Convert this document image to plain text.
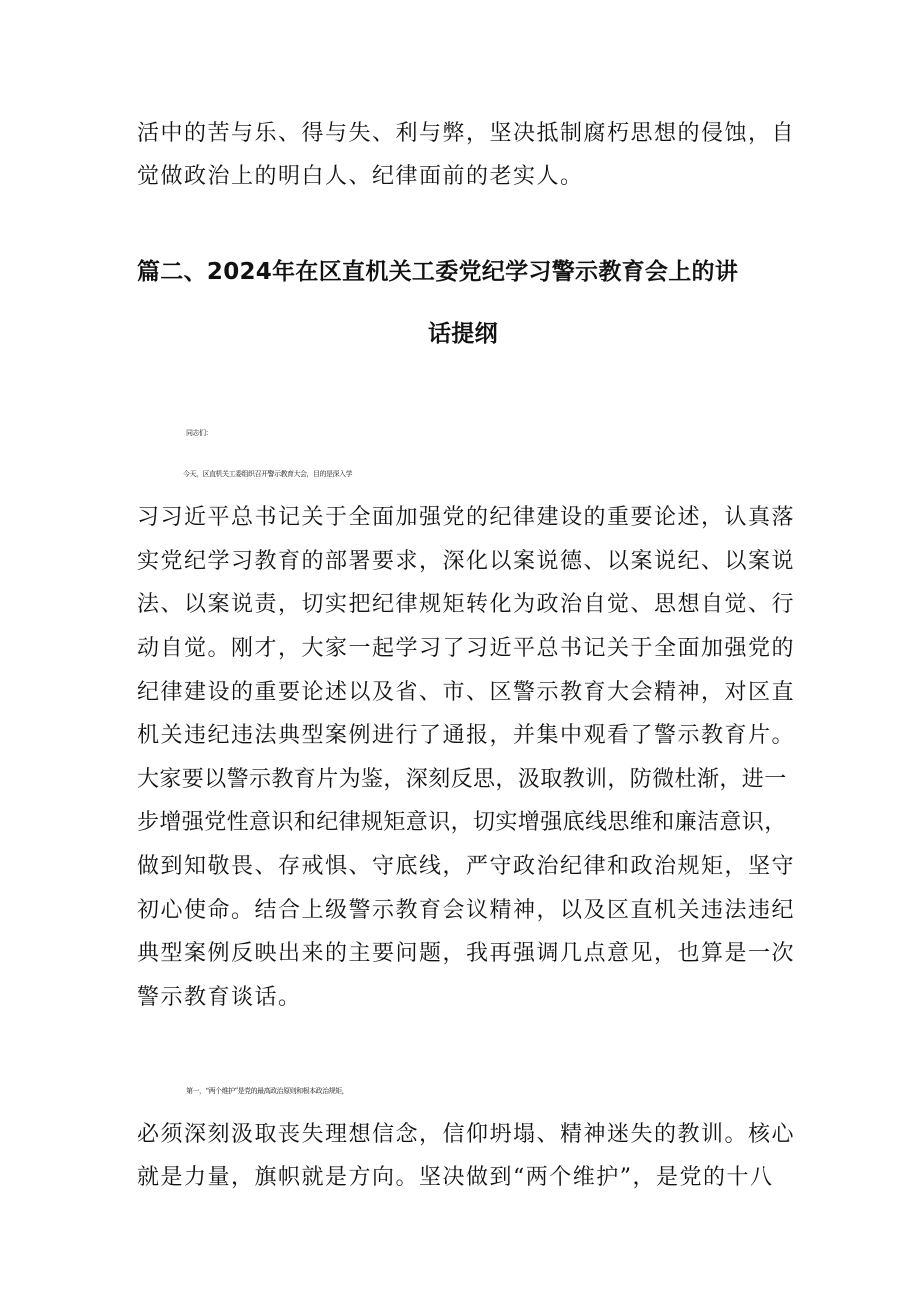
活中的苦与乐、得与失、利与弊，坚决抵制腐朽思想的侵蚀，自
觉做政治上的明白人、纪律面前的老实人。
篇二、2024年在区直机关工委党纪学习警示教育会上的讲
话提纲
同志们：
今天，区直机关工委组织召开警示教育大会，目的是深入学
习习近平总书记关于全面加强党的纪律建设的重要论述，认真落
实党纪学习教育的部署要求，深化以案说德、以案说纪、以案说
法、以案说责，切实把纪律规矩转化为政治自觉、思想自觉、行
动自觉。刚才，大家一起学习了习近平总书记关于全面加强党的
纪律建设的重要论述以及省、市、区警示教育大会精神，对区直
机关违纪违法典型案例进行了通报，并集中观看了警示教育片。
大家要以警示教育片为鉴，深刻反思，汲取教训，防微杜渐，进一
步增强党性意识和纪律规矩意识，切实增强底线思维和廉洁意识，
做到知敬畏、存戒惧、守底线，严守政治纪律和政治规矩，坚守
初心使命。结合上级警示教育会议精神，以及区直机关违法违纪
典型案例反映出来的主要问题，我再强调几点意见，也算是一次
警示教育谈话。
第一，“两个维护”是党的最高政治原则和根本政治规矩，
必须深刻汲取丧失理想信念，信仰坍塌、精神迷失的教训。核心
就是力量，旗帜就是方向。坚决做到“两个维护”，是党的十八
